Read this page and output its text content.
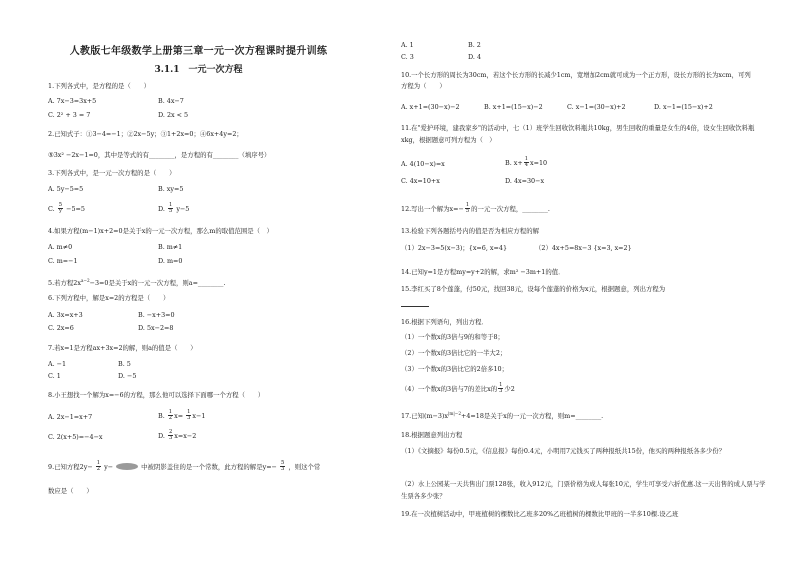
人教版七年级数学上册第三章一元一次方程课时提升训练
3.1.1　一元一次方程
1.下列各式中，是方程的是（　　）
A. 7x−3=3x+5	B. 4x−7
C. 2² + 3 = 7	D. 2x < 5
2.已知式子：①3−4=−1；②2x−5y；③1+2x=0；④6x+4y=2；
⑤3x² −2x−1=0，其中是等式的有________，是方程的有________（填序号）
3.下列各式中，是一元一次方程的是（　　）
A. 5y−5=5	B. xy=5
C. $\frac{5}{y} -5=5$	D. $\frac{1}{5} y-5$
4.如果方程(m−1)x+2=0是关于x的一元一次方程，那么m的取值范围是（　）
A. m≠0	B. m≠1
C. m=−1	D. m=0
5.若方程$2x^{a-2}-3=0$是关于x的一元一次方程，则a=________.
6.下列方程中，解是x=2的方程是（　　）
A. 3x=x+3	B. −x+3=0
C. 2x=6	D. 5x−2=8
7.若x=1是方程ax+3x=2的解，则a的值是（　　）
A. −1	B. 5
C. 1	D. −5
8.小王想找一个解为x=−6的方程，那么他可以选择下面哪一个方程（　　）
A. 2x−1=x+7	B. $\frac{1}{2} x= \frac{1}{3} x-1$
C. 2(x+5)=−4−x	D. $\frac{2}{3} x=x-2$
9.已知方程$2y- \frac{1}{2} y-$	中被阴影盖住的是一个常数，此方程的解是$y=- \frac{5}{3}$ ，则这个常
数应是（　　）
A. 1	B. 2
C. 3	D. 4
10.一个长方形的周长为30cm，若这个长方形的长减少1cm，宽增加2cm就可成为一个正方形，设长方形的长为xcm，可列方程为（　　）
A. x+1=(30−x)−2	B. x+1=(15−x)−2	C. x−1=(30−x)+2	D. x−1=(15−x)+2
11.在"爱护环境，建我家乡"的活动中，七（1）班学生回收饮料瓶共10kg，男生回收的重量是女生的4倍，设女生回收饮料瓶xkg，根据题意可列方程为（　）
A. 4(10−x)=x	B. $x+ \frac{1}{4} x=10$
C. 4x=10+x	D. 4x=30−x
12.写出一个解为$x=- \frac{1}{5}$ 的一元一次方程，________.
13.检验下列各题括号内的值是否为相应方程的解
（1）2x−3=5(x−3)；{x=6, x=4}	（2）4x+5=8x−3 {x=3, x=2}
14.已知y=1是方程my=y+2的解，求m² −3m+1的值．
15.李红买了8个莲蓬，付50元，找回38元，设每个莲蓬的价格为x元，根据题意，列出方程为
16.根据下列语句，列出方程．
（1）一个数x的3倍与9的和等于8；
（2）一个数x的3倍比它的一半大2；
（3）一个数x的3倍比它的2倍多10；
（4）一个数x的3倍与7的差比x的 $\frac{1}{3}$ 少2
17.已知$(m-3)x^{|m|-2}+4=18$是关于x的一元一次方程，则m=________.
18.根据题意列出方程
（1）《文摘报》每份0.5元，《信息报》每份0.4元，小明用7元钱买了两种报纸共15份，他买的两种报纸各多少份？
（2）水上公园某一天共售出门票128张，收入912元，门票价格为成人每张10元，学生可享受六折优惠.这一天出售的成人票与学生票各多少张？
19.在一次植树活动中，甲班植树的棵数比乙班多20%乙班植树的棵数比甲班的一半多10棵.设乙班
